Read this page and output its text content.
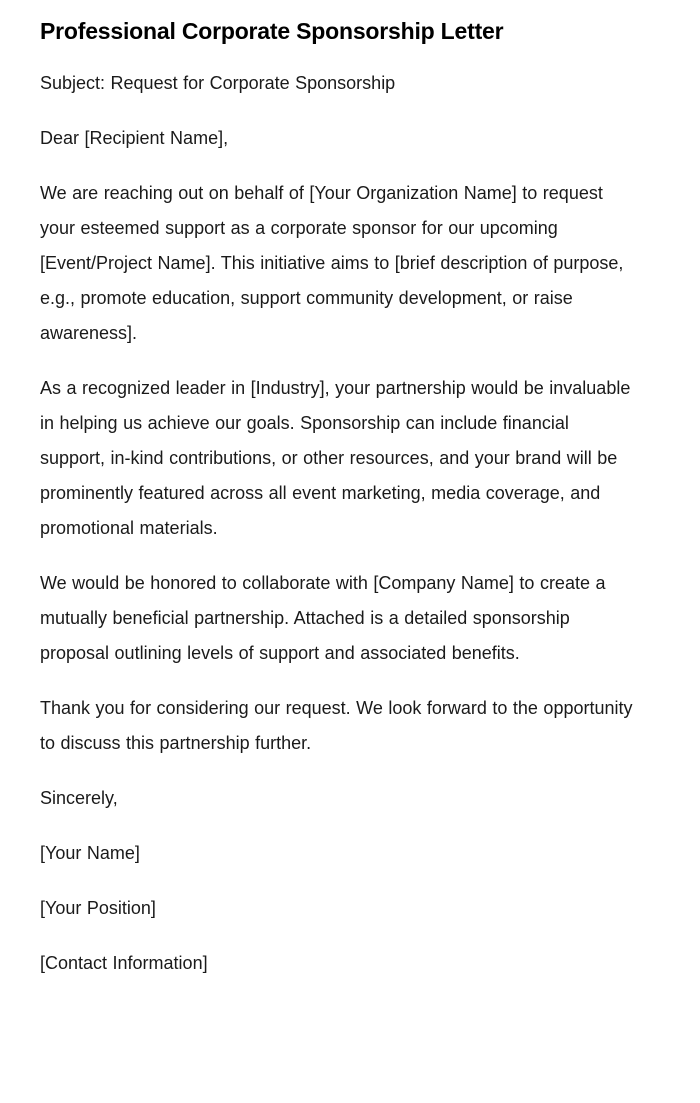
Professional Corporate Sponsorship Letter

Subject: Request for Corporate Sponsorship

Dear [Recipient Name],

We are reaching out on behalf of [Your Organization Name] to request your esteemed support as a corporate sponsor for our upcoming [Event/Project Name]. This initiative aims to [brief description of purpose, e.g., promote education, support community development, or raise awareness].

As a recognized leader in [Industry], your partnership would be invaluable in helping us achieve our goals. Sponsorship can include financial support, in-kind contributions, or other resources, and your brand will be prominently featured across all event marketing, media coverage, and promotional materials.

We would be honored to collaborate with [Company Name] to create a mutually beneficial partnership. Attached is a detailed sponsorship proposal outlining levels of support and associated benefits.

Thank you for considering our request. We look forward to the opportunity to discuss this partnership further.

Sincerely,

[Your Name]

[Your Position]

[Contact Information]
